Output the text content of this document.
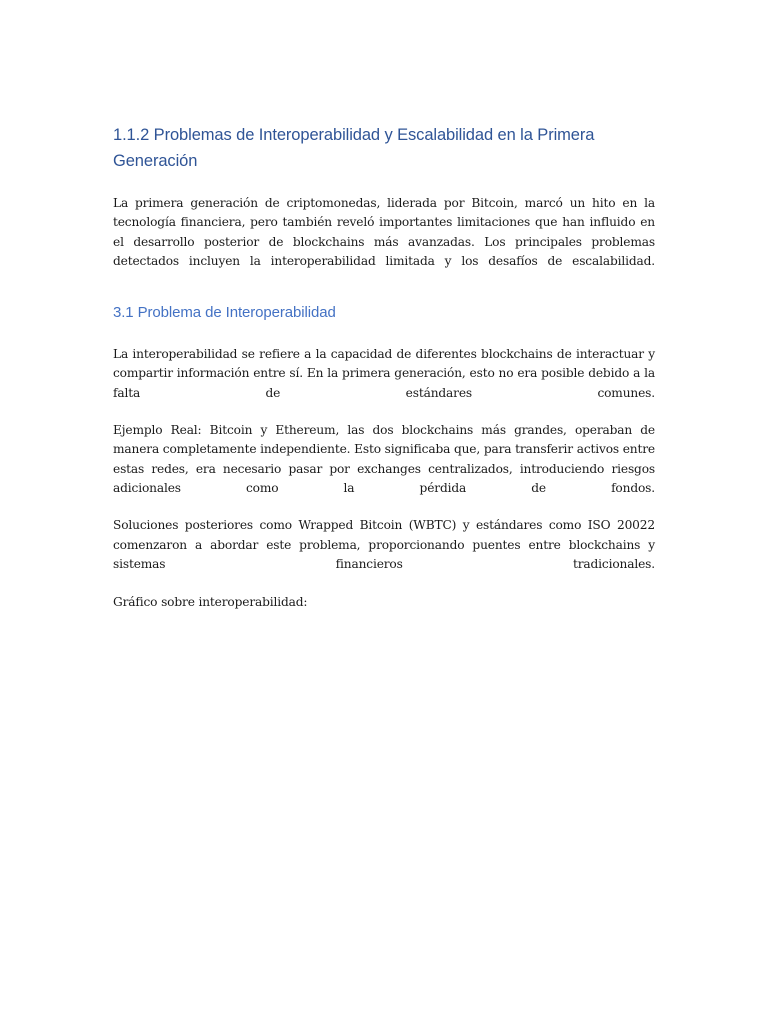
1.1.2 Problemas de Interoperabilidad y Escalabilidad en la Primera Generación
La primera generación de criptomonedas, liderada por Bitcoin, marcó un hito en la tecnología financiera, pero también reveló importantes limitaciones que han influido en el desarrollo posterior de blockchains más avanzadas. Los principales problemas detectados incluyen la interoperabilidad limitada y los desafíos de escalabilidad.
3.1 Problema de Interoperabilidad
La interoperabilidad se refiere a la capacidad de diferentes blockchains de interactuar y compartir información entre sí. En la primera generación, esto no era posible debido a la falta de estándares comunes.
Ejemplo Real: Bitcoin y Ethereum, las dos blockchains más grandes, operaban de manera completamente independiente. Esto significaba que, para transferir activos entre estas redes, era necesario pasar por exchanges centralizados, introduciendo riesgos adicionales como la pérdida de fondos.
Soluciones posteriores como Wrapped Bitcoin (WBTC) y estándares como ISO 20022 comenzaron a abordar este problema, proporcionando puentes entre blockchains y sistemas financieros tradicionales.
Gráfico sobre interoperabilidad:
